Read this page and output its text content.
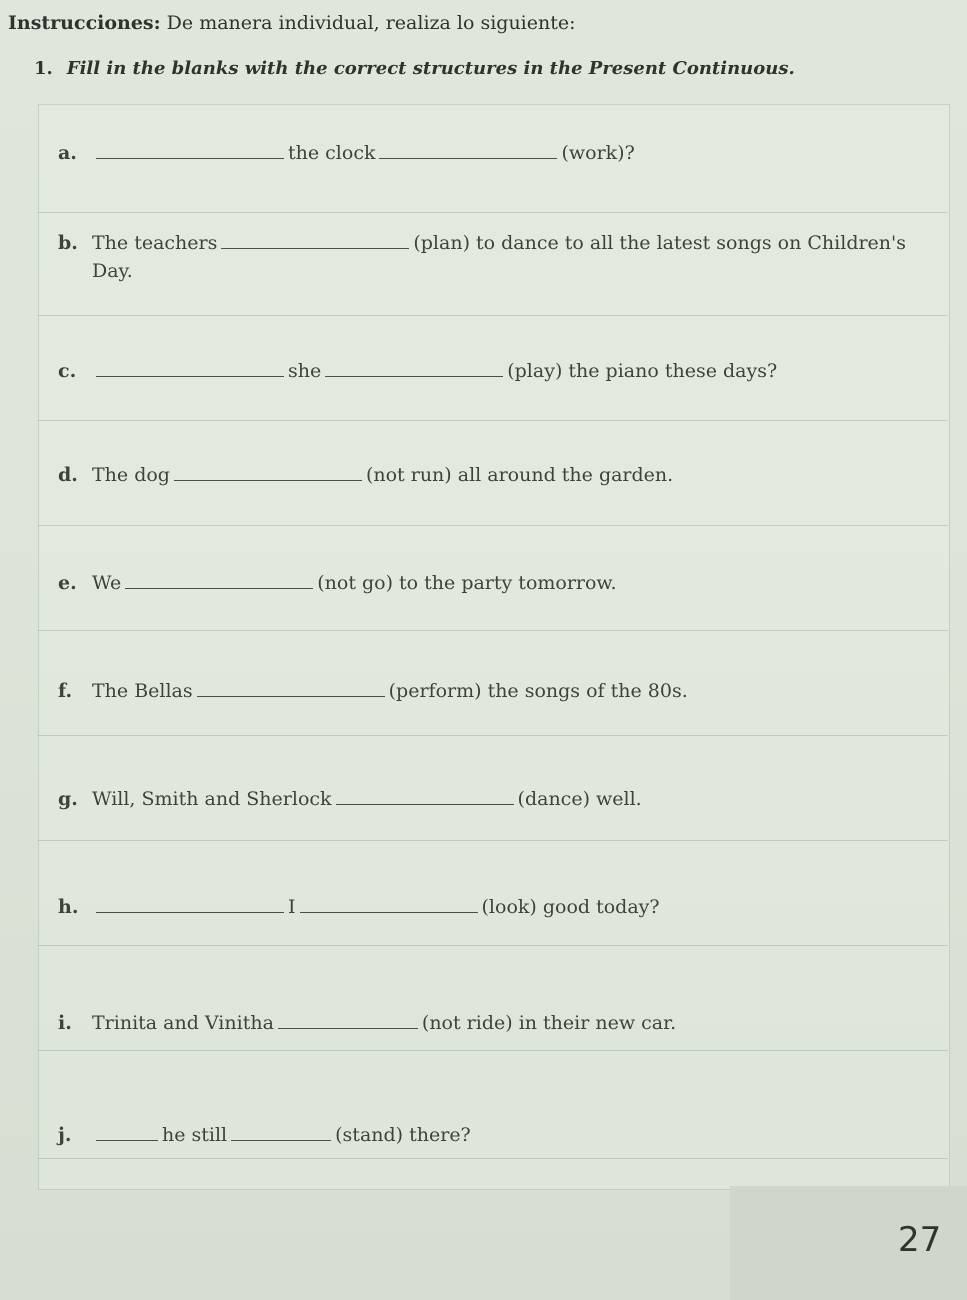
Instrucciones: De manera individual, realiza lo siguiente:
1. Fill in the blanks with the correct structures in the Present Continuous.
a.	the clock	(work)?
b. The teachers	(plan) to dance to all the latest songs on Children's
Day.
c.	she	(play) the piano these days?
d. The dog	(not run) all around the garden.
e. We	(not go) to the party tomorrow.
f. The Bellas	(perform) the songs of the 80s.
g. Will, Smith and Sherlock	(dance) well.
h.	I	(look) good today?
i. Trinita and Vinitha	(not ride) in their new car.
j.	he still	(stand) there?
27
